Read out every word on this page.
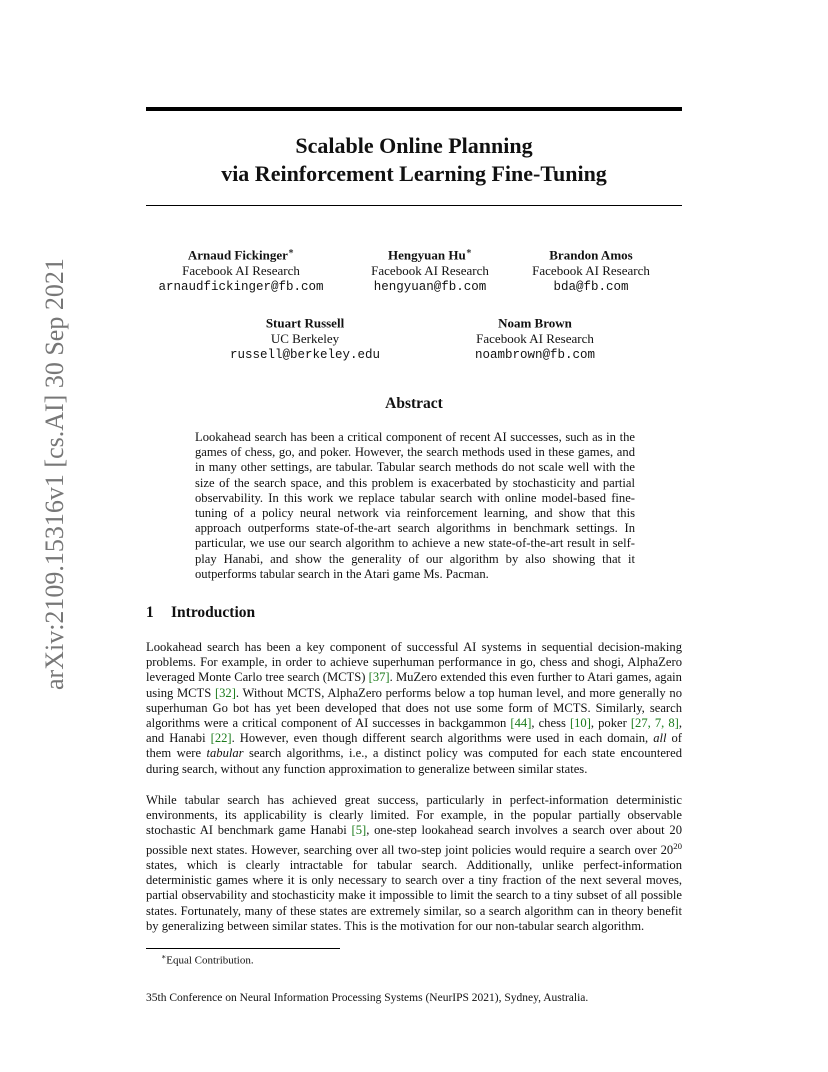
Scalable Online Planning
via Reinforcement Learning Fine-Tuning
Arnaud Fickinger∗
Facebook AI Research
arnaudfickinger@fb.com
Hengyuan Hu∗
Facebook AI Research
hengyuan@fb.com
Brandon Amos
Facebook AI Research
bda@fb.com
Stuart Russell
UC Berkeley
russell@berkeley.edu
Noam Brown
Facebook AI Research
noambrown@fb.com
arXiv:2109.15316v1 [cs.AI] 30 Sep 2021	Abstract
Lookahead search has been a critical component of recent AI successes, such as in the games of chess, go, and poker. However, the search methods used in these games, and in many other settings, are tabular. Tabular search methods do not scale well with the size of the search space, and this problem is exacerbated by stochasticity and partial observability. In this work we replace tabular search with online model-based fine-tuning of a policy neural network via reinforcement learning, and show that this approach outperforms state-of-the-art search algorithms in benchmark settings. In particular, we use our search algorithm to achieve a new state-of-the-art result in self-play Hanabi, and show the generality of our algorithm by also showing that it outperforms tabular search in the Atari game Ms. Pacman.
1 Introduction
Lookahead search has been a key component of successful AI systems in sequential decision-making problems. For example, in order to achieve superhuman performance in go, chess and shogi, AlphaZero leveraged Monte Carlo tree search (MCTS) [37]. MuZero extended this even further to Atari games, again using MCTS [32]. Without MCTS, AlphaZero performs below a top human level, and more generally no superhuman Go bot has yet been developed that does not use some form of MCTS. Similarly, search algorithms were a critical component of AI successes in backgammon [44], chess [10], poker [27, 7, 8], and Hanabi [22]. However, even though different search algorithms were used in each domain, all of them were tabular search algorithms, i.e., a distinct policy was computed for each state encountered during search, without any function approximation to generalize between similar states.
While tabular search has achieved great success, particularly in perfect-information deterministic environments, its applicability is clearly limited. For example, in the popular partially observable stochastic AI benchmark game Hanabi [5], one-step lookahead search involves a search over about 20 possible next states. However, searching over all two-step joint policies would require a search over $20^{20}$ states, which is clearly intractable for tabular search. Additionally, unlike perfect-information deterministic games where it is only necessary to search over a tiny fraction of the next several moves, partial observability and stochasticity make it impossible to limit the search to a tiny subset of all possible states. Fortunately, many of these states are extremely similar, so a search algorithm can in theory benefit by generalizing between similar states. This is the motivation for our non-tabular search algorithm.
∗Equal Contribution.
35th Conference on Neural Information Processing Systems (NeurIPS 2021), Sydney, Australia.
